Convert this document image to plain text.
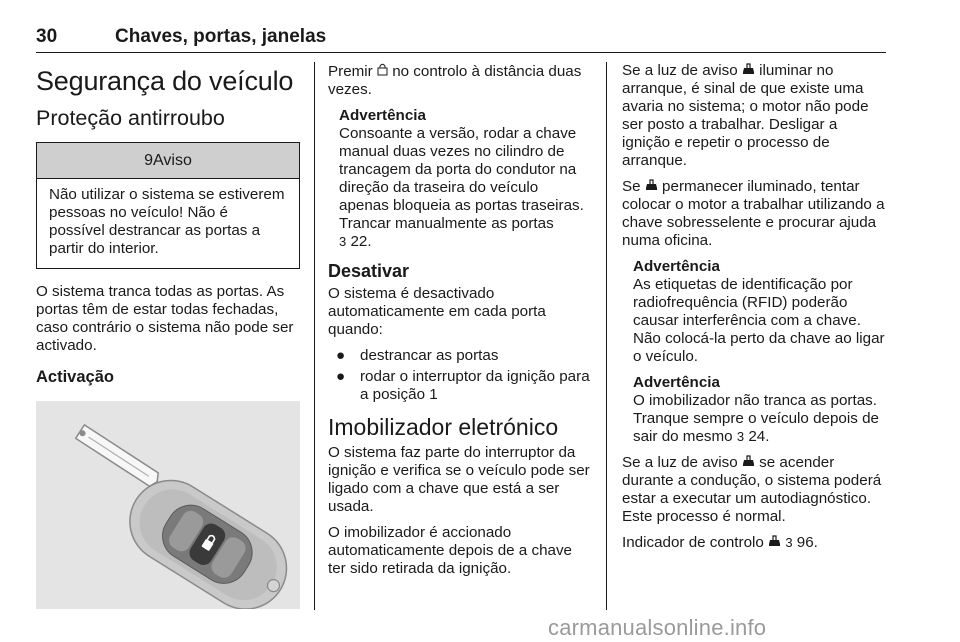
30	Chaves, portas, janelas
Segurança do veículo
Proteção antirroubo
9Aviso
Não utilizar o sistema se estiverem pessoas no veículo! Não é possível destrancar as portas a partir do interior.

O sistema tranca todas as portas. As portas têm de estar todas fechadas, caso contrário o sistema não pode ser activado.

Activação

Premir no controlo à distância duas vezes.

Advertência
Consoante a versão, rodar a chave manual duas vezes no cilindro de trancagem da porta do condutor na direção da traseira do veículo apenas bloqueia as portas traseiras. Trancar manualmente as portas
3 22.
Desativar

O sistema é desactivado automaticamente em cada porta quando:

● destrancar as portas
● rodar o interruptor da ignição para a posição 1
Imobilizador eletrónico

O sistema faz parte do interruptor da ignição e verifica se o veículo pode ser ligado com a chave que está a ser usada.

O imobilizador é accionado automaticamente depois de a chave ter sido retirada da ignição.

Se a luz de aviso iluminar no arranque, é sinal de que existe uma avaria no sistema; o motor não pode ser posto a trabalhar. Desligar a ignição e repetir o processo de arranque.

Se permanecer iluminado, tentar colocar o motor a trabalhar utilizando a chave sobresselente e procurar ajuda numa oficina.

Advertência
As etiquetas de identificação por radiofrequência (RFID) poderão causar interferência com a chave. Não colocá-la perto da chave ao ligar o veículo.
Advertência
O imobilizador não tranca as portas. Tranque sempre o veículo depois de sair do mesmo 3 24.

Se a luz de aviso se acender durante a condução, o sistema poderá estar a executar um autodiagnóstico. Este processo é normal.

Indicador de controlo 3 96.

carmanualsonline.info
